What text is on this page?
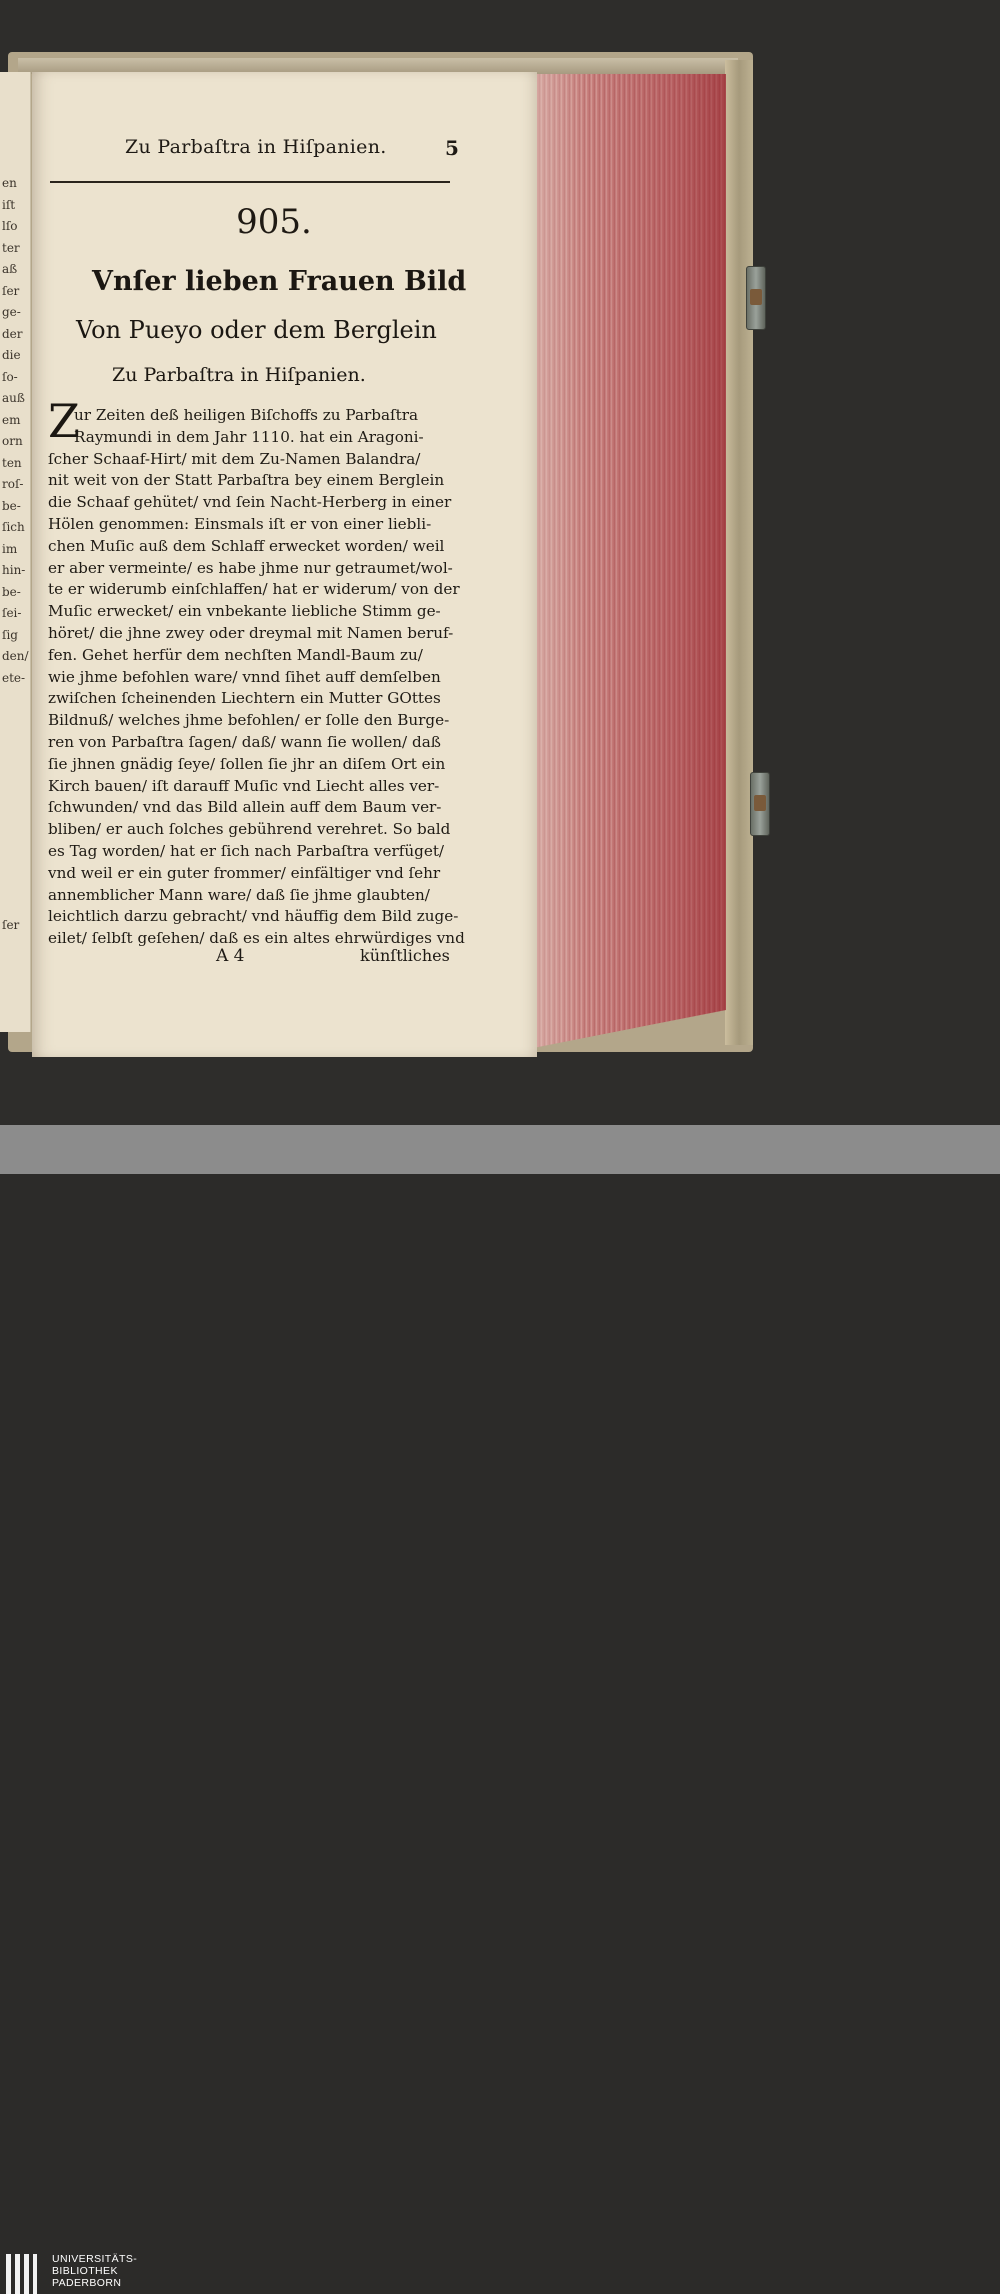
en
iſt
lſo
ter
aß
ſer
ge-
der
die
ſo-
auß
em
orn
ten
roſ-
be-
ſich
im
hin-
be-
ſei-
ſig
den/
ete-
ſer
Zu Parbaſtra in Hiſpanien.	5
905.
Vnſer lieben Frauen Bild
Von Pueyo oder dem Berglein
Zu Parbaſtra in Hiſpanien.
Z
ur Zeiten deß heiligen Biſchoffs zu Parbaſtra
Raymundi in dem Jahr 1110. hat ein Aragoni-
ſcher Schaaf-Hirt/ mit dem Zu-Namen Balandra/
nit weit von der Statt Parbaſtra bey einem Berglein
die Schaaf gehütet/ vnd ſein Nacht-Herberg in einer
Hölen genommen: Einsmals iſt er von einer liebli-
chen Muſic auß dem Schlaff erwecket worden/ weil
er aber vermeinte/ es habe jhme nur getraumet/wol-
te er widerumb einſchlaffen/ hat er widerum/ von der
Muſic erwecket/ ein vnbekante liebliche Stimm ge-
höret/ die jhne zwey oder dreymal mit Namen beruf-
fen. Gehet herfür dem nechſten Mandl-Baum zu/
wie jhme befohlen ware/ vnnd ſihet auff demſelben
zwiſchen ſcheinenden Liechtern ein Mutter GOttes
Bildnuß/ welches jhme befohlen/ er ſolle den Burge-
ren von Parbaſtra ſagen/ daß/ wann ſie wollen/ daß
ſie jhnen gnädig ſeye/ ſollen ſie jhr an diſem Ort ein
Kirch bauen/ iſt darauff Muſic vnd Liecht alles ver-
ſchwunden/ vnd das Bild allein auff dem Baum ver-
bliben/ er auch ſolches gebührend verehret. So bald
es Tag worden/ hat er ſich nach Parbaſtra verfüget/
vnd weil er ein guter frommer/ einfältiger vnd ſehr
annemblicher Mann ware/ daß ſie jhme glaubten/
leichtlich darzu gebracht/ vnd häuffig dem Bild zuge-
eilet/ ſelbſt geſehen/ daß es ein altes ehrwürdiges vnd
A 4	künſtliches
UNIVERSITÄTS-
BIBLIOTHEK
PADERBORN
